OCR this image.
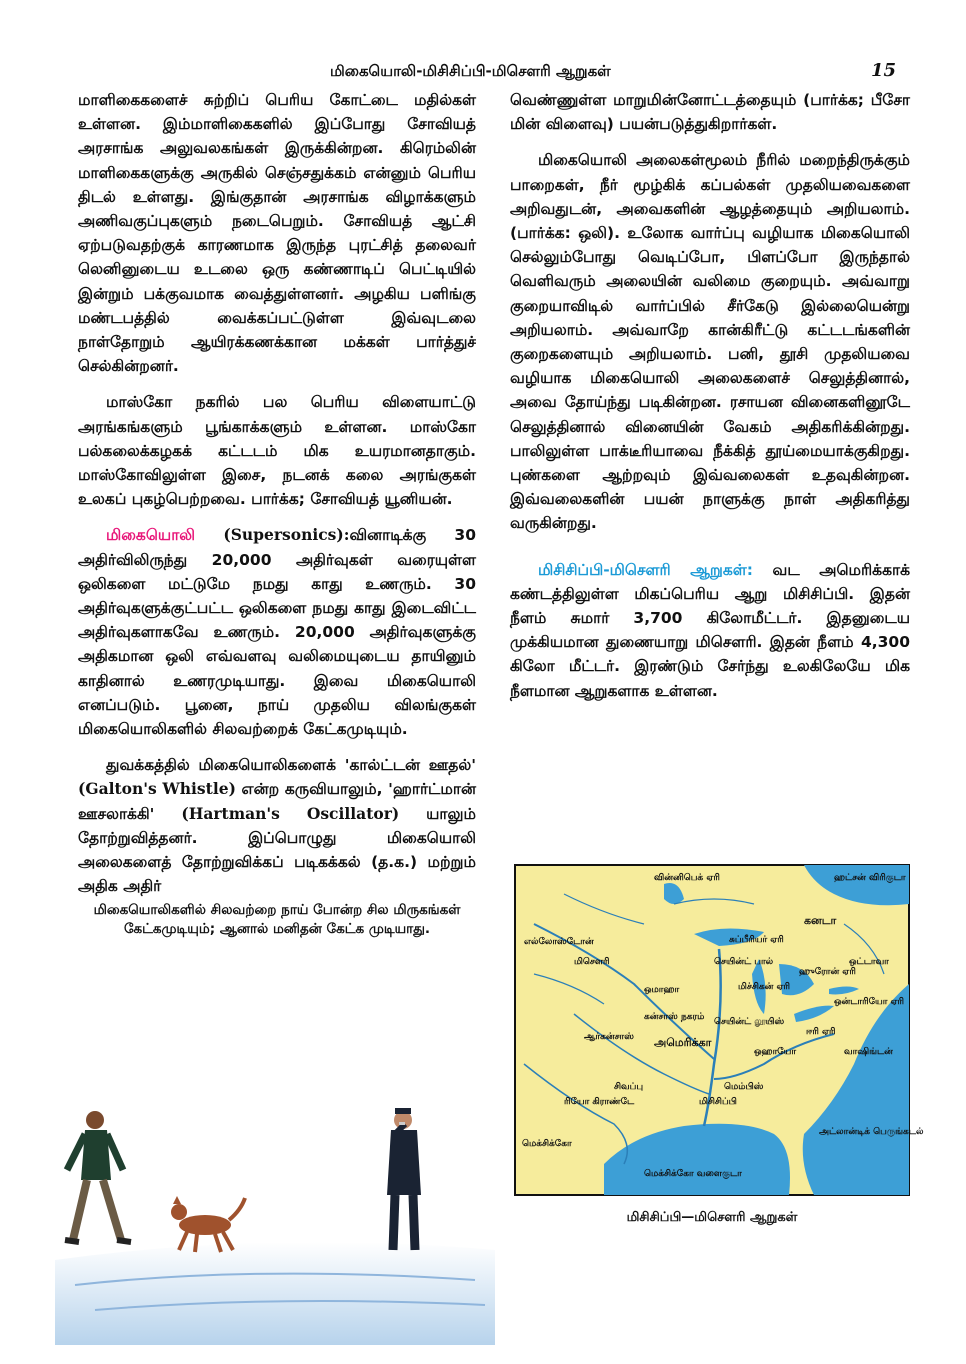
மிகையொலி-மிசிசிப்பி-மிசௌரி ஆறுகள்	15

மாளிகைகளைச் சுற்றிப் பெரிய கோட்டை மதில்கள் உள்ளன. இம்மாளிகைகளில் இப்போது சோவியத் அரசாங்க அலுவலகங்கள் இருக்கின்றன. கிரெம்லின் மாளிகைகளுக்கு அருகில் செஞ்சதுக்கம் என்னும் பெரிய திடல் உள்ளது. இங்குதான் அரசாங்க விழாக்களும் அணிவகுப்புகளும் நடைபெறும். சோவியத் ஆட்சி ஏற்படுவதற்குக் காரணமாக இருந்த புரட்சித் தலைவர் லெனினுடைய உடலை ஒரு கண்ணாடிப் பெட்டியில் இன்றும் பக்குவமாக வைத்துள்ளனர். அழகிய பளிங்கு மண்டபத்தில் வைக்கப்பட்டுள்ள இவ்வுடலை நாள்தோறும் ஆயிரக்கணக்கான மக்கள் பார்த்துச் செல்கின்றனர்.

மாஸ்கோ நகரில் பல பெரிய விளையாட்டு அரங்கங்களும் பூங்காக்களும் உள்ளன. மாஸ்கோ பல்கலைக்கழகக் கட்டடம் மிக உயரமானதாகும். மாஸ்கோவிலுள்ள இசை, நடனக் கலை அரங்குகள் உலகப் புகழ்பெற்றவை. பார்க்க; சோவியத் யூனியன்.

மிகையொலி (Supersonics):வினாடிக்கு 30 அதிர்விலிருந்து 20,000 அதிர்வுகள் வரையுள்ள ஒலிகளை மட்டுமே நமது காது உணரும். 30 அதிர்வுகளுக்குட்பட்ட ஒலிகளை நமது காது இடைவிட்ட அதிர்வுகளாகவே உணரும். 20,000 அதிர்வுகளுக்கு அதிகமான ஒலி எவ்வளவு வலிமையுடைய தாயினும் காதினால் உணரமுடியாது. இவை மிகையொலி எனப்படும். பூனை, நாய் முதலிய விலங்குகள் மிகையொலிகளில் சிலவற்றைக் கேட்கமுடியும்.

துவக்கத்தில் மிகையொலிகளைக் 'கால்ட்டன் ஊதல்' (Galton's Whistle) என்ற கருவியாலும், 'ஹார்ட்மான் ஊசலாக்கி' (Hartman's Oscillator) யாலும் தோற்றுவித்தனர். இப்பொழுது மிகையொலி அலைகளைத் தோற்றுவிக்கப் படிகக்கல் (த.க.) மற்றும் அதிக அதிர்

மிகையொலிகளில் சிலவற்றை நாய் போன்ற சில மிருகங்கள் கேட்கமுடியும்; ஆனால் மனிதன் கேட்க முடியாது.

வெண்ணுள்ள மாறுமின்னோட்டத்தையும் (பார்க்க; பீசோ மின் விளைவு) பயன்படுத்துகிறார்கள்.

மிகையொலி அலைகள்மூலம் நீரில் மறைந்திருக்கும் பாறைகள், நீர் மூழ்கிக் கப்பல்கள் முதலியவைகளை அறிவதுடன், அவைகளின் ஆழத்தையும் அறியலாம். (பார்க்க: ஒலி). உலோக வார்ப்பு வழியாக மிகையொலி செல்லும்போது வெடிப்போ, பிளப்போ இருந்தால் வெளிவரும் அலையின் வலிமை குறையும். அவ்வாறு குறையாவிடில் வார்ப்பில் சீர்கேடு இல்லையென்று அறியலாம். அவ்வாறே கான்கிரீட்டு கட்டடங்களின் குறைகளையும் அறியலாம். பனி, தூசி முதலியவை வழியாக மிகையொலி அலைகளைச் செலுத்தினால், அவை தோய்ந்து படிகின்றன. ரசாயன வினைகளினூடே செலுத்தினால் வினையின் வேகம் அதிகரிக்கின்றது. பாலிலுள்ள பாக்டீரியாவை நீக்கித் தூய்மையாக்குகிறது. புண்களை ஆற்றவும் இவ்வலைகள் உதவுகின்றன. இவ்வலைகளின் பயன் நாளுக்கு நாள் அதிகரித்து வருகின்றது.

மிசிசிப்பி-மிசௌரி ஆறுகள்: வட அமெரிக்காக் கண்டத்திலுள்ள மிகப்பெரிய ஆறு மிசிசிப்பி. இதன் நீளம் சுமார் 3,700 கிலோமீட்டர். இதனுடைய முக்கியமான துணையாறு மிசௌரி. இதன் நீளம் 4,300 கிலோ மீட்டர். இரண்டும் சேர்ந்து உலகிலேயே மிக நீளமான ஆறுகளாக உள்ளன.

வின்னிபெக் ஏரி	ஹட்சன் விரிகுடா
கனடா
சுப்பீரியர் ஏரி
செயின்ட் பால்
மிச்சிகன் ஏரி
ஹுரோன் ஏரி
ஒட்டாவா
ஒன்டாரியோ ஏரி
ஈரி ஏரி
ஒமாஹா
கன்சாஸ் நகரம் செயின்ட் லூயிஸ்
அமெரிக்கா
வாஷிங்டன்
மெம்பிஸ்
ஒஹாயோ
மிசௌரி
மிசிசிப்பி
ஆர்கன்சாஸ்
ரியோ கிராண்டே
எல்லோஸ்டோன்
சிவப்பு
மெக்சிக்கோ
மெக்சிக்கோ வளைகுடா
அட்லான்டிக் பெருங்கடல்
மிசிசிப்பி—மிசௌரி ஆறுகள்
